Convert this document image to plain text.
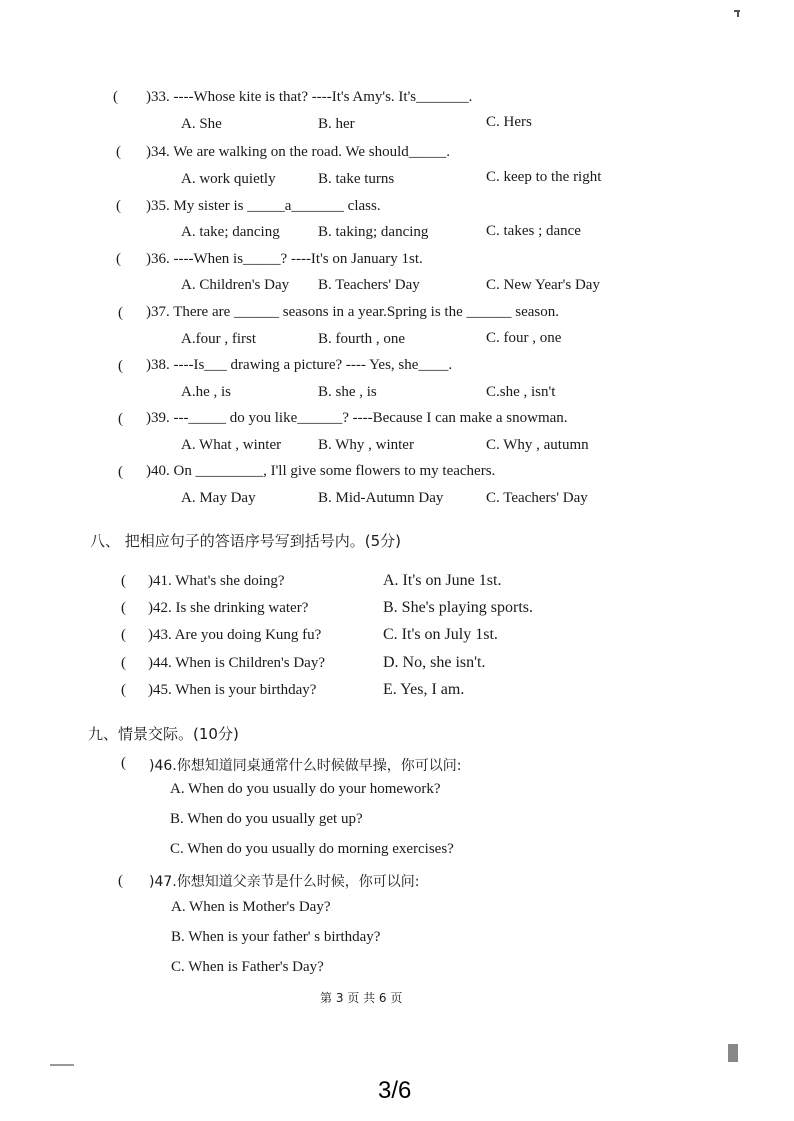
( )33. ----Whose kite is that? ----It's Amy's. It's_______.
A. She	B. her	C. Hers
( )34. We are walking on the road. We should_____.
A. work quietly	B. take turns	C. keep to the right
( )35. My sister is _____a_______ class.
A. take; dancing	B. taking; dancing	C. takes ; dance
( )36. ----When is_____? ----It's on January 1st.
A. Children's Day B. Teachers' Day	C. New Year's Day
( )37. There are ______ seasons in a year.Spring is the ______ season.
A.four , first	B. fourth , one	C. four , one
( )38. ----Is___ drawing a picture? ---- Yes, she____.
A.he , is	B. she , is	C.she , isn't
( )39. ---_____ do you like______? ----Because I can make a snowman.
A. What , winter B. Why , winter	C. Why , autumn
( )40. On _________, I'll give some flowers to my teachers.
A. May Day	B. Mid-Autumn Day	C. Teachers' Day
八、 把相应句子的答语序号写到括号内。(5分)
( )41. What's she doing?	A. It's on June 1st.
( )42. Is she drinking water?	B. She's playing sports.
( )43. Are you doing Kung fu?	C. It's on July 1st.
( )44. When is Children's Day?	D. No, she isn't.
( )45. When is your birthday?	E. Yes, I am.
九、情景交际。(10分)
( )46.你想知道同桌通常什么时候做早操，你可以问:
A. When do you usually do your homework?
B. When do you usually get up?
C. When do you usually do morning exercises?
( )47.你想知道父亲节是什么时候，你可以问:
A. When is Mother's Day?
B. When is your father' s birthday?
C. When is Father's Day?
第 3 页 共 6 页
3/6
